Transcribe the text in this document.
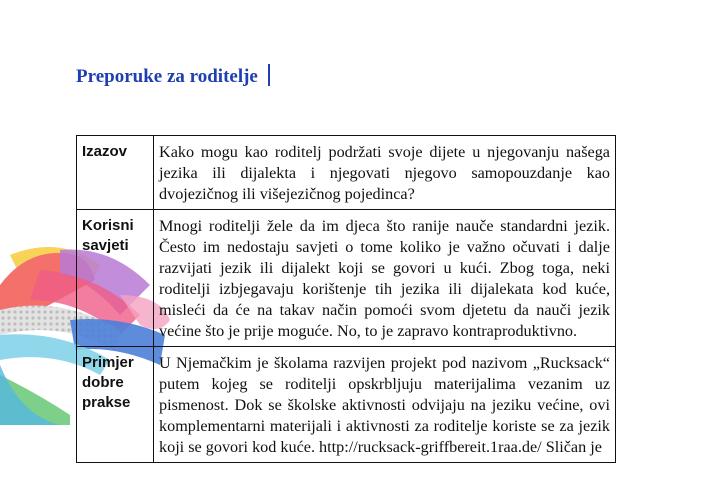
Preporuke za roditelje
Izazov	Kako mogu kao roditelj podržati svoje dijete u njegovanju našega jezika ili dijalekta i njegovati njegovo samopouzdanje kao dvojezičnog ili višejezičnog pojedinca?
Korisni savjeti	Mnogi roditelji žele da im djeca što ranije nauče standardni jezik. Često im nedostaju savjeti o tome koliko je važno očuvati i dalje razvijati jezik ili dijalekt koji se govori u kući. Zbog toga, neki roditelji izbjegavaju korištenje tih jezika ili dijalekata kod kuće, misleći da će na takav način pomoći svom djetetu da nauči jezik većine što je prije moguće. No, to je zapravo kontraproduktivno.
Primjer dobre prakse	U Njemačkim je školama razvijen projekt pod nazivom „Rucksack“ putem kojeg se roditelji opskrbljuju materijalima vezanim uz pismenost. Dok se školske aktivnosti odvijaju na jeziku većine, ovi komplementarni materijali i aktivnosti za roditelje koriste se za jezik koji se govori kod kuće. http://rucksack-griffbereit.1raa.de/ Sličan je
